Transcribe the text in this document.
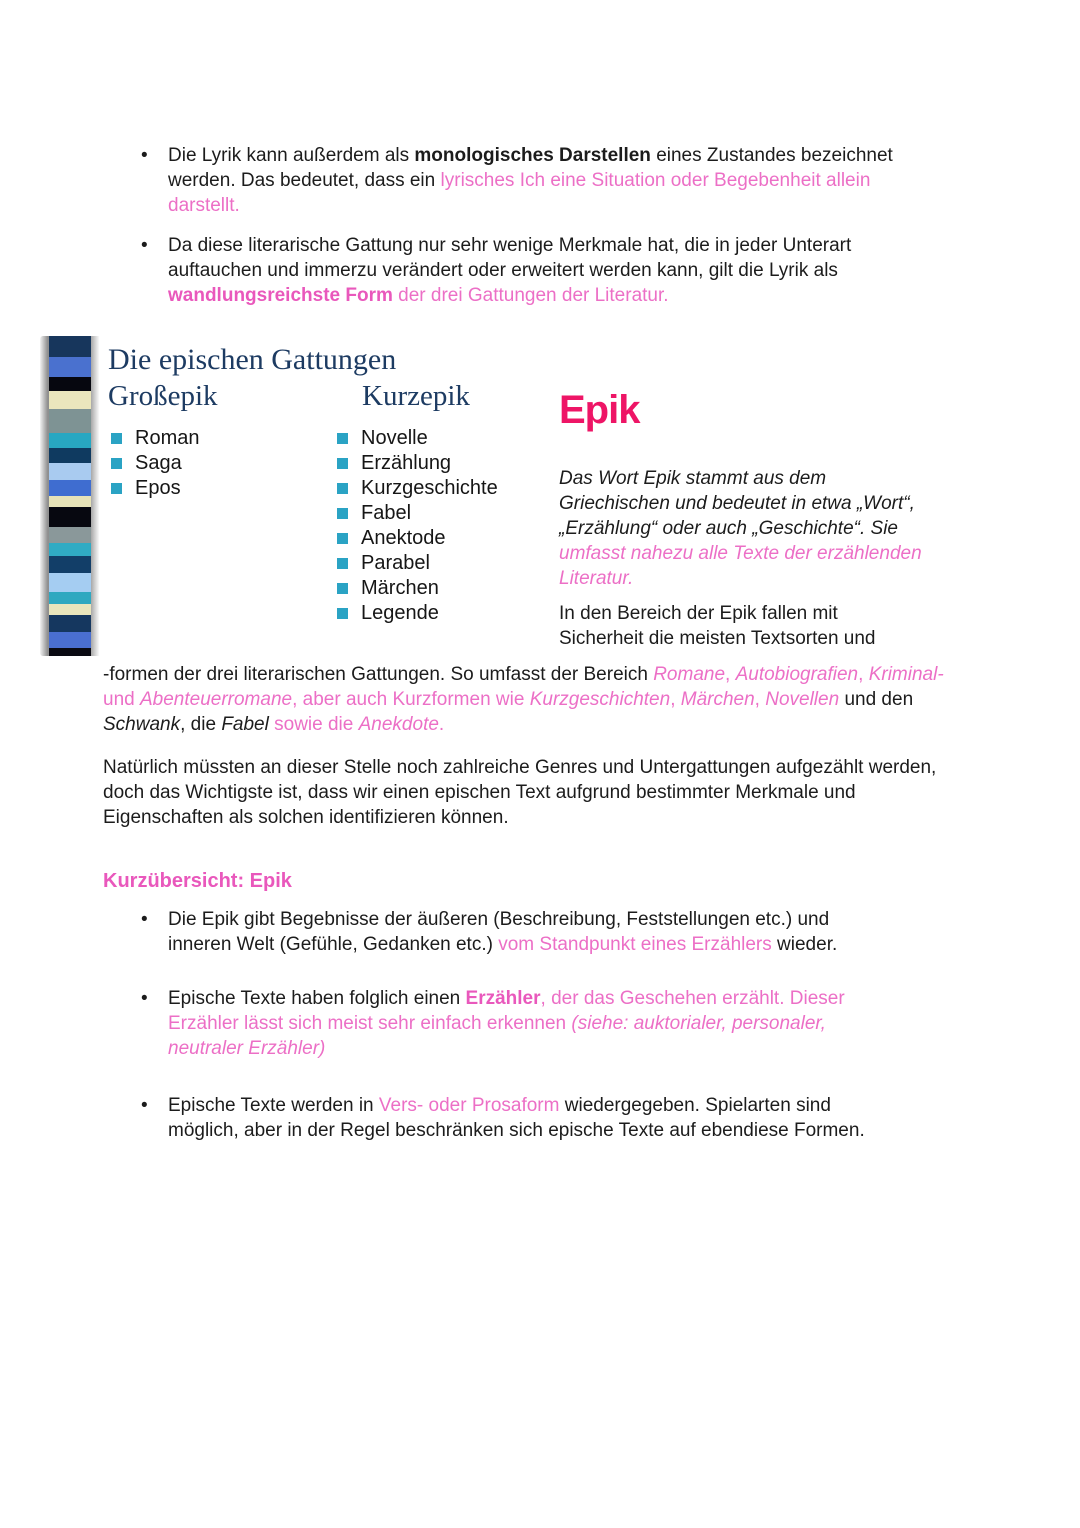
• Die Lyrik kann außerdem als monologisches Darstellen eines Zustandes bezeichnet werden. Das bedeutet, dass ein lyrisches Ich eine Situation oder Begebenheit allein darstellt.

• Da diese literarische Gattung nur sehr wenige Merkmale hat, die in jeder Unterart auftauchen und immerzu verändert oder erweitert werden kann, gilt die Lyrik als wandlungsreichste Form der drei Gattungen der Literatur.

Die epischen Gattungen
Großepik	Kurzepik
Roman
Saga
Epos
Novelle
Erzählung
Kurzgeschichte
Fabel
Anektode
Parabel
Märchen
Legende
Epik

Das Wort Epik stammt aus dem
Griechischen und bedeutet in etwa „Wort“,
„Erzählung“ oder auch „Geschichte“. Sie
umfasst nahezu alle Texte der erzählenden
Literatur.

In den Bereich der Epik fallen mit
Sicherheit die meisten Textsorten und

-formen der drei literarischen Gattungen. So umfasst der Bereich Romane, Autobiografien, Kriminal- und Abenteuerromane, aber auch Kurzformen wie Kurzgeschichten, Märchen, Novellen und den Schwank, die Fabel sowie die Anekdote.

Natürlich müssten an dieser Stelle noch zahlreiche Genres und Untergattungen aufgezählt werden, doch das Wichtigste ist, dass wir einen epischen Text aufgrund bestimmter Merkmale und Eigenschaften als solchen identifizieren können.

Kurzübersicht: Epik
• Die Epik gibt Begebnisse der äußeren (Beschreibung, Feststellungen etc.) und inneren Welt (Gefühle, Gedanken etc.) vom Standpunkt eines Erzählers wieder.

• Epische Texte haben folglich einen Erzähler, der das Geschehen erzählt. Dieser Erzähler lässt sich meist sehr einfach erkennen (siehe: auktorialer, personaler, neutraler Erzähler)

• Epische Texte werden in Vers- oder Prosaform wiedergegeben. Spielarten sind möglich, aber in der Regel beschränken sich epische Texte auf ebendiese Formen.
